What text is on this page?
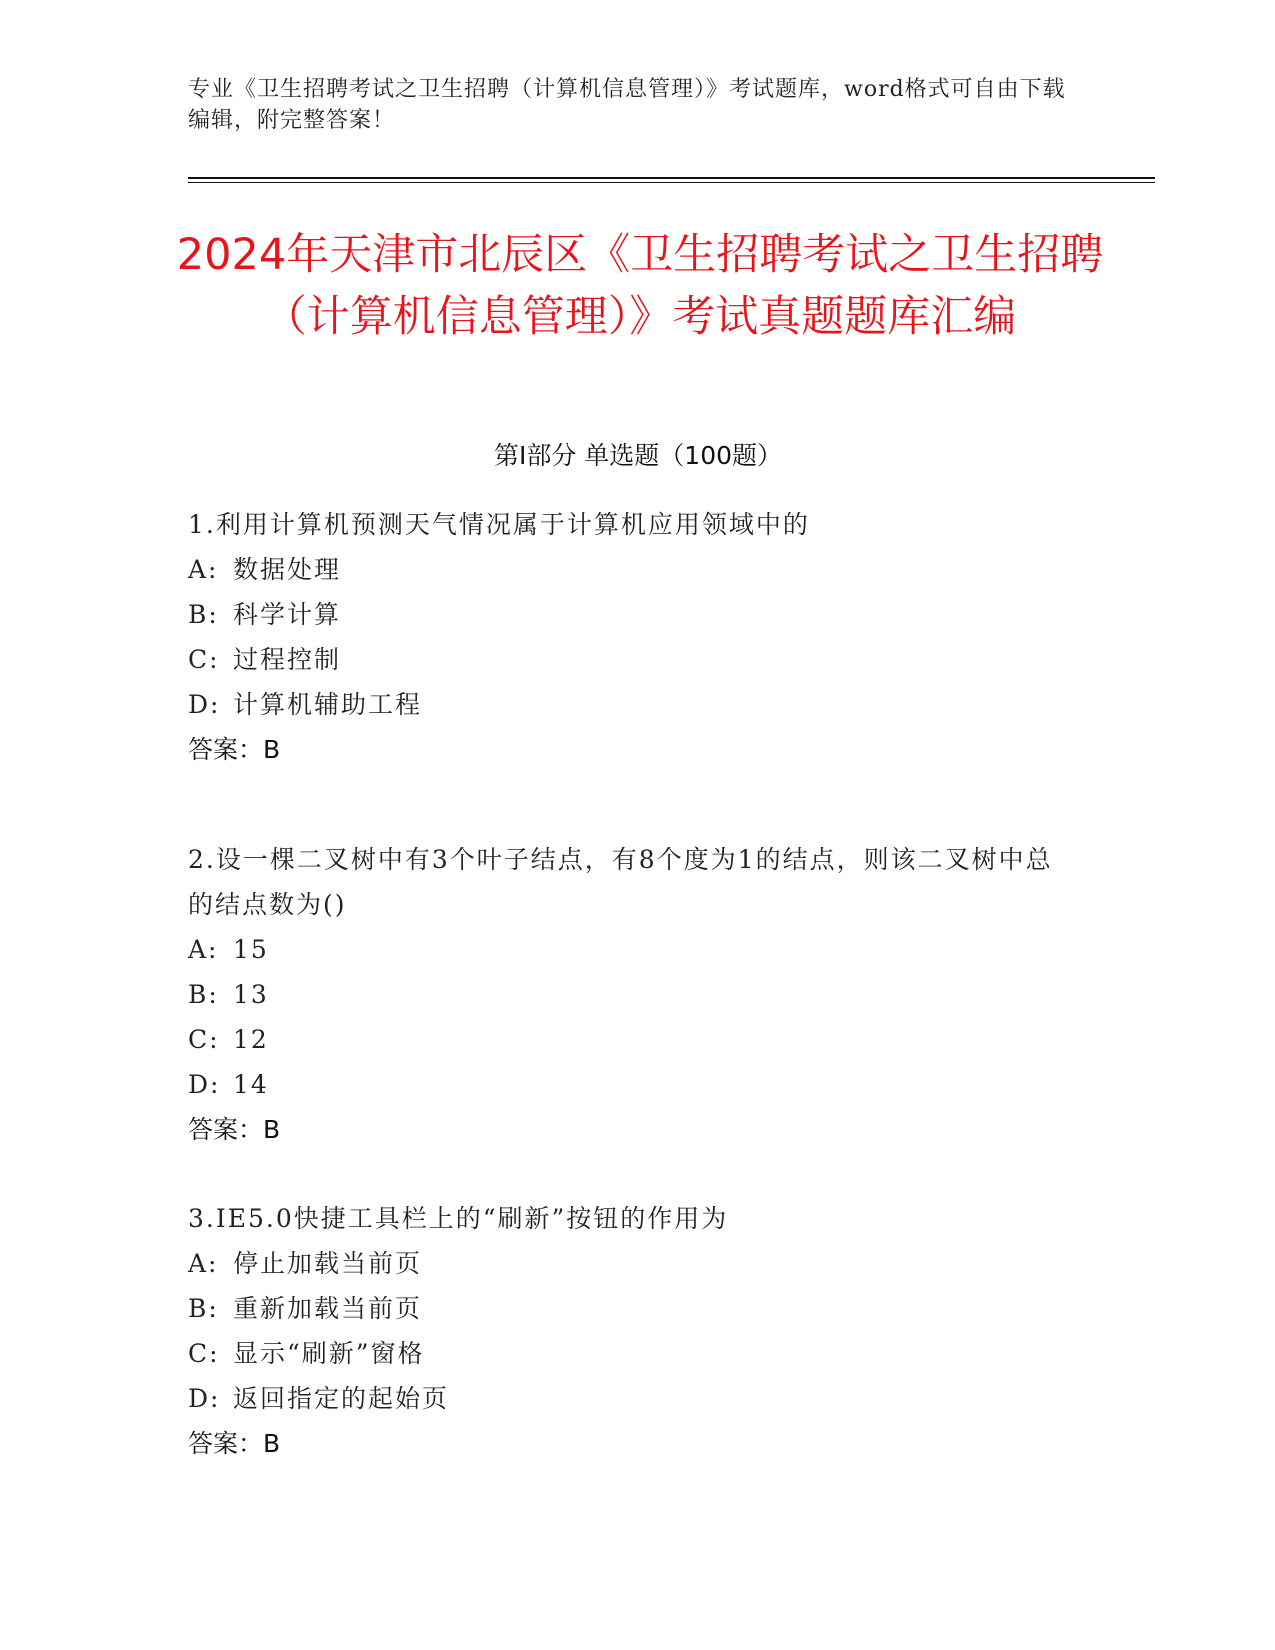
专业《卫生招聘考试之卫生招聘（计算机信息管理）》考试题库，word格式可自由下载编辑，附完整答案！
2024年天津市北辰区《卫生招聘考试之卫生招聘（计算机信息管理）》考试真题题库汇编
第I部分 单选题（100题）

1.利用计算机预测天气情况属于计算机应用领域中的

A: 数据处理

B: 科学计算

C: 过程控制

D: 计算机辅助工程

答案：B

2.设一棵二叉树中有3个叶子结点，有8个度为1的结点，则该二叉树中总的结点数为()

A: 15

B: 13

C: 12

D: 14

答案：B

3.IE5.0快捷工具栏上的“刷新”按钮的作用为

A: 停止加载当前页

B: 重新加载当前页

C: 显示“刷新”窗格

D: 返回指定的起始页

答案：B
